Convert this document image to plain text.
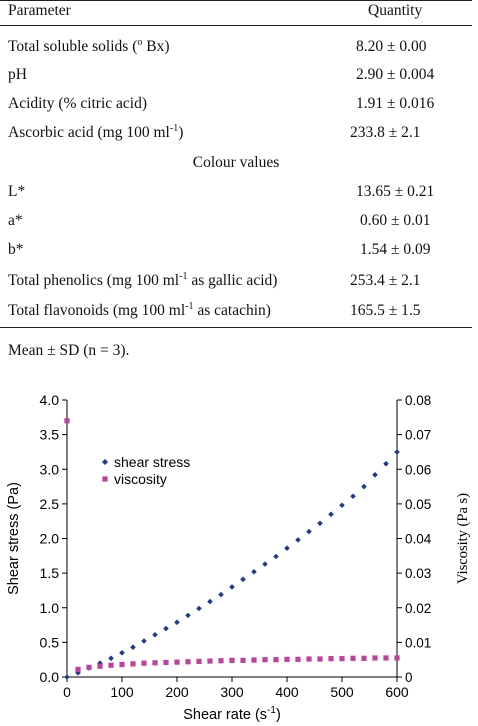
Parameter	Quantity
Total soluble solids ($^o$ Bx)	8.20 ± 0.00
pH	2.90 ± 0.004
Acidity (% citric acid)	1.91 ± 0.016
Ascorbic acid (mg 100 $ml^{-1}$)	233.8 ± 2.1
Colour values
L*	13.65 ± 0.21
a*	0.60 ± 0.01
b*	1.54 ± 0.09
Total phenolics (mg 100 $ml^{-1}$ as gallic acid)	253.4 ± 2.1
Total flavonoids (mg 100 $ml^{-1}$ as catachin)	165.5 ± 1.5
Mean ± SD (n = 3).
0.0
0.5
1.0
1.5
2.0
2.5
3.0
3.5
4.0
0
0.01
0.02
0.03
0.04
0.05
0.06
0.07
0.08
0	100 200 300 400 500 600
shear stress
viscosity
Shear stress (Pa)	Viscosity (Pa s)
Shear rate $(s^{-1})$
